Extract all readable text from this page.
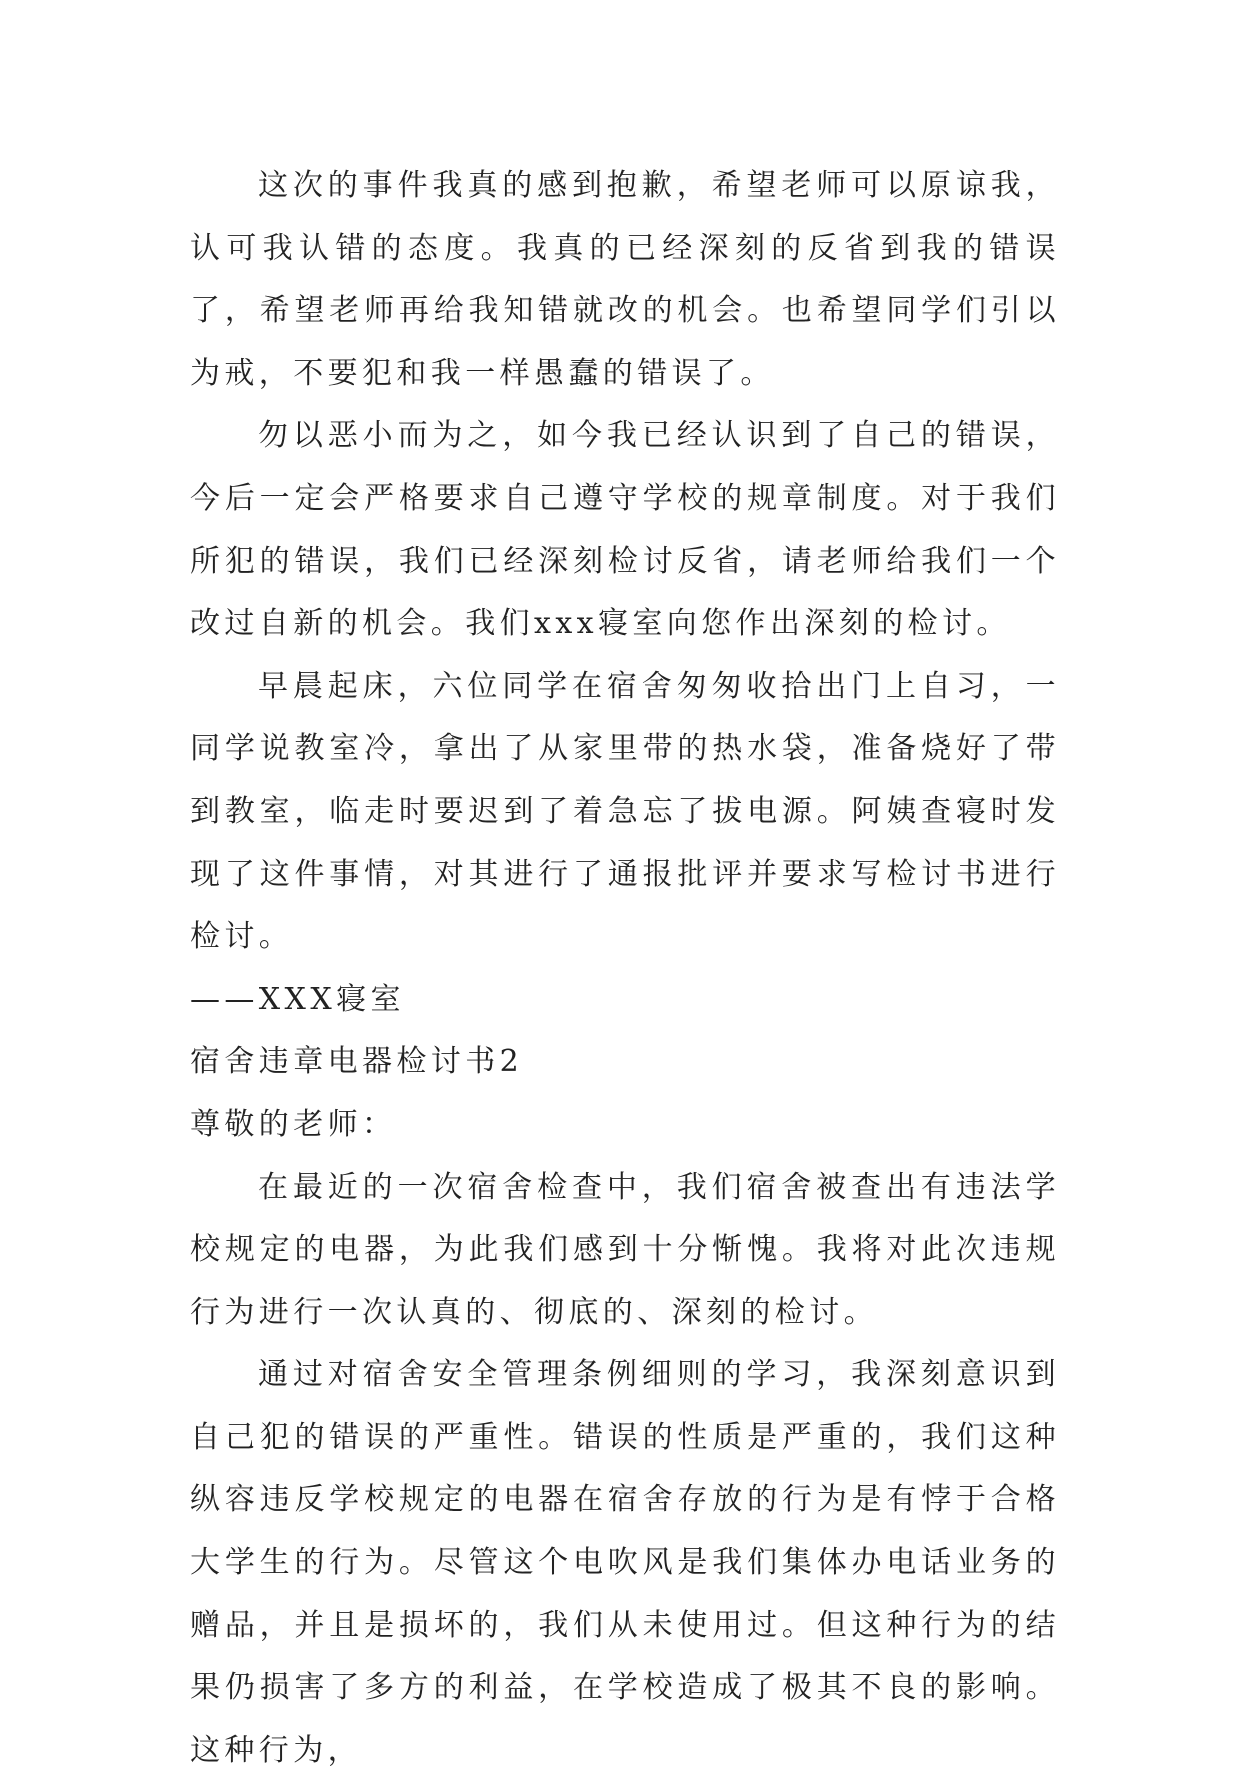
这次的事件我真的感到抱歉，希望老师可以原谅我，认可我认错的态度。我真的已经深刻的反省到我的错误了，希望老师再给我知错就改的机会。也希望同学们引以为戒，不要犯和我一样愚蠢的错误了。

勿以恶小而为之，如今我已经认识到了自己的错误，今后一定会严格要求自己遵守学校的规章制度。对于我们所犯的错误，我们已经深刻检讨反省，请老师给我们一个改过自新的机会。我们xxx寝室向您作出深刻的检讨。

早晨起床，六位同学在宿舍匆匆收拾出门上自习，一同学说教室冷，拿出了从家里带的热水袋，准备烧好了带到教室，临走时要迟到了着急忘了拔电源。阿姨查寝时发现了这件事情，对其进行了通报批评并要求写检讨书进行检讨。

——XXX寝室

宿舍违章电器检讨书2

尊敬的老师：

在最近的一次宿舍检查中，我们宿舍被查出有违法学校规定的电器，为此我们感到十分惭愧。我将对此次违规行为进行一次认真的、彻底的、深刻的检讨。

通过对宿舍安全管理条例细则的学习，我深刻意识到自己犯的错误的严重性。错误的性质是严重的，我们这种纵容违反学校规定的电器在宿舍存放的行为是有悖于合格大学生的行为。尽管这个电吹风是我们集体办电话业务的赠品，并且是损坏的，我们从未使用过。但这种行为的结果仍损害了多方的利益，在学校造成了极其不良的影响。这种行为，
